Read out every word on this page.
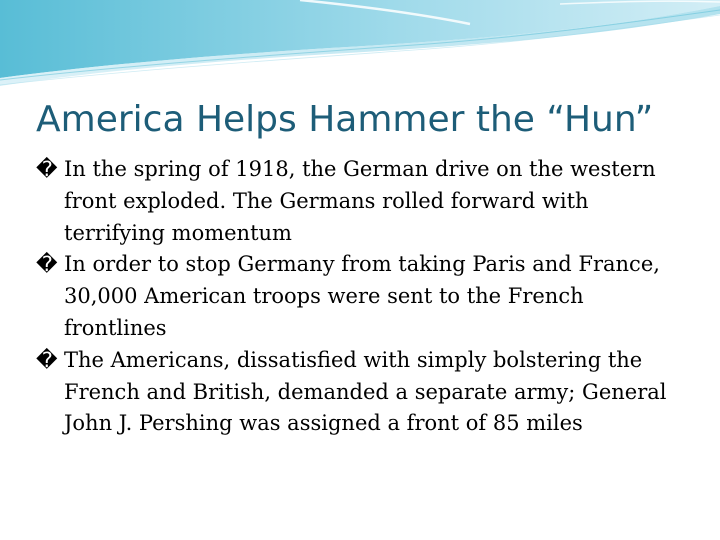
America Helps Hammer the “Hun”
� In the spring of 1918, the German drive on the western front exploded. The Germans rolled forward with terrifying momentum
� In order to stop Germany from taking Paris and France, 30,000 American troops were sent to the French frontlines
� The Americans, dissatisfied with simply bolstering the French and British, demanded a separate army; General John J. Pershing was assigned a front of 85 miles
